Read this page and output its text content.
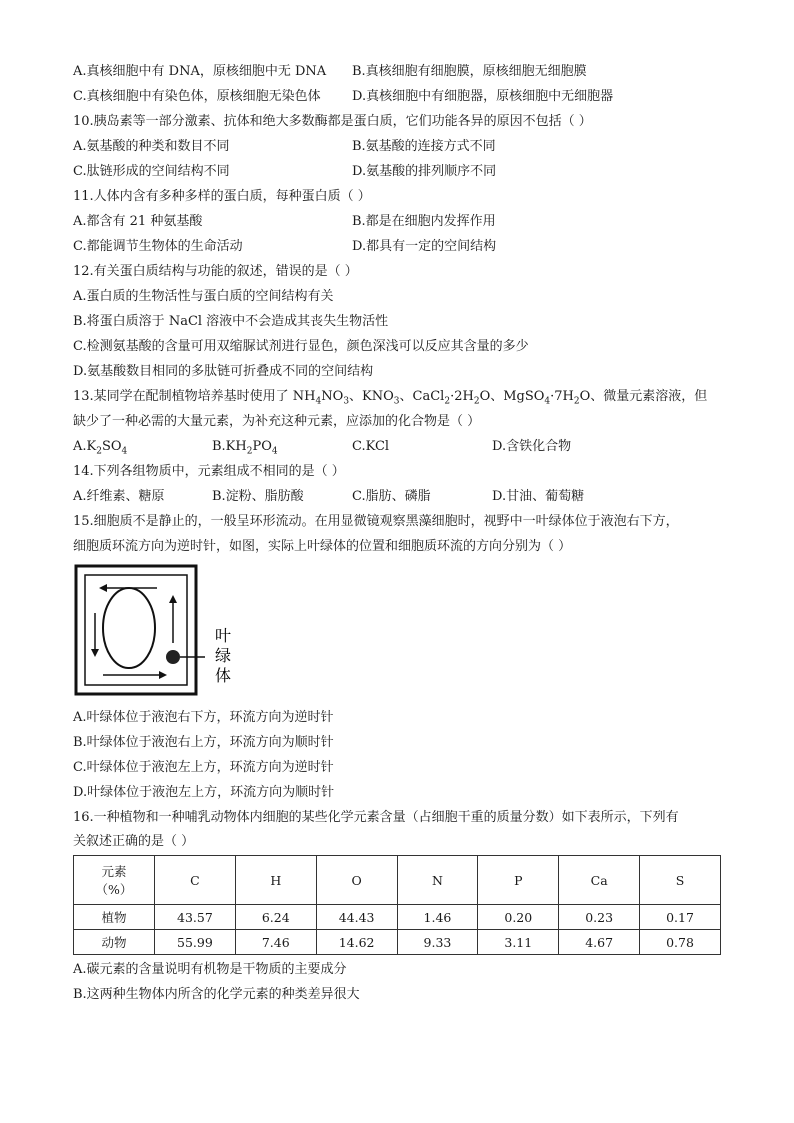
A.真核细胞中有 DNA，原核细胞中无 DNA B.真核细胞有细胞膜，原核细胞无细胞膜
C.真核细胞中有染色体，原核细胞无染色体 D.真核细胞中有细胞器，原核细胞中无细胞器
10.胰岛素等一部分激素、抗体和绝大多数酶都是蛋白质，它们功能各异的原因不包括（ ）
A.氨基酸的种类和数目不同	B.氨基酸的连接方式不同
C.肽链形成的空间结构不同	D.氨基酸的排列顺序不同
11.人体内含有多种多样的蛋白质，每种蛋白质（ ）
A.都含有 21 种氨基酸	B.都是在细胞内发挥作用
C.都能调节生物体的生命活动	D.都具有一定的空间结构
12.有关蛋白质结构与功能的叙述，错误的是（ ）
A.蛋白质的生物活性与蛋白质的空间结构有关
B.将蛋白质溶于 NaCl 溶液中不会造成其丧失生物活性
C.检测氨基酸的含量可用双缩脲试剂进行显色，颜色深浅可以反应其含量的多少
D.氨基酸数目相同的多肽链可折叠成不同的空间结构
13.某同学在配制植物培养基时使用了 $NH_4NO_3$、$KNO_3$、$CaCl_2\cdot 2H_2O$、$MgSO_4\cdot 7H_2O$、微量元素溶液，但
缺少了一种必需的大量元素，为补充这种元素，应添加的化合物是（ ）
$A.K_2SO_4$	$B.KH_2PO_4$	C.KCl	D.含铁化合物
14.下列各组物质中，元素组成不相同的是（ ）
A.纤维素、糖原	B.淀粉、脂肪酸	C.脂肪、磷脂	D.甘油、葡萄糖
15.细胞质不是静止的，一般呈环形流动。在用显微镜观察黑藻细胞时，视野中一叶绿体位于液泡右下方，
细胞质环流方向为逆时针，如图，实际上叶绿体的位置和细胞质环流的方向分别为（ ）
叶
绿
体
A.叶绿体位于液泡右下方，环流方向为逆时针
B.叶绿体位于液泡右上方，环流方向为顺时针
C.叶绿体位于液泡左上方，环流方向为逆时针
D.叶绿体位于液泡左上方，环流方向为顺时针
16.一种植物和一种哺乳动物体内细胞的某些化学元素含量（占细胞干重的质量分数）如下表所示，下列有
关叙述正确的是（ ）
元素
（%）	C	H	O	N	P	Ca	S
植物	43.57	6.24	44.43	1.46	0.20	0.23	0.17
动物	55.99	7.46	14.62	9.33	3.11	4.67	0.78
A.碳元素的含量说明有机物是干物质的主要成分
B.这两种生物体内所含的化学元素的种类差异很大
